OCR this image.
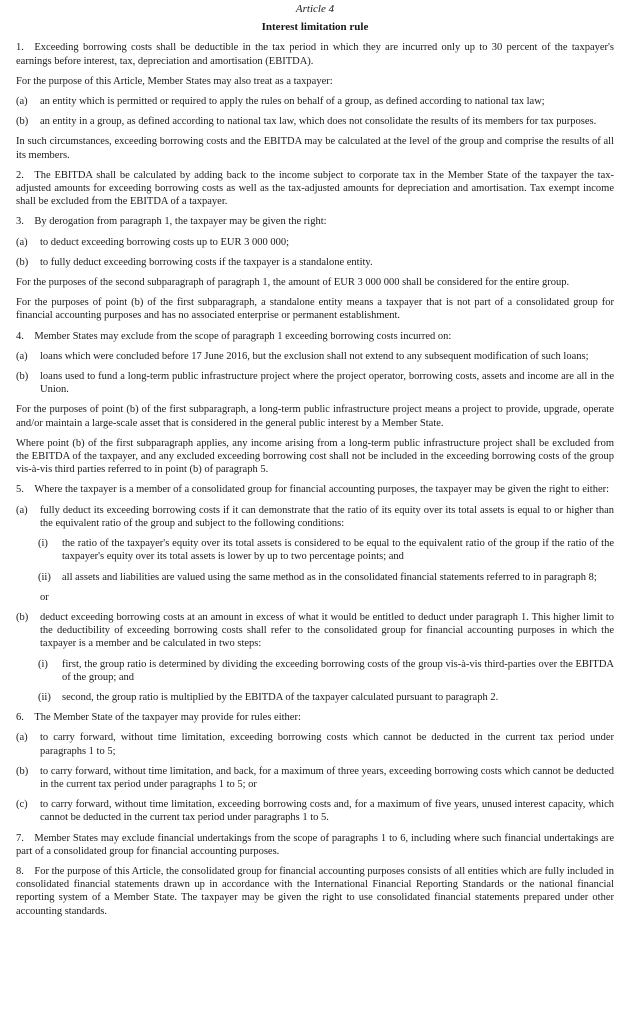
Article 4
Interest limitation rule

1. Exceeding borrowing costs shall be deductible in the tax period in which they are incurred only up to 30 percent of the taxpayer's earnings before interest, tax, depreciation and amortisation (EBITDA).

For the purpose of this Article, Member States may also treat as a taxpayer:

(a)	an entity which is permitted or required to apply the rules on behalf of a group, as defined according to national tax law;
(b)	an entity in a group, as defined according to national tax law, which does not consolidate the results of its members for tax purposes.

In such circumstances, exceeding borrowing costs and the EBITDA may be calculated at the level of the group and comprise the results of all its members.

2. The EBITDA shall be calculated by adding back to the income subject to corporate tax in the Member State of the taxpayer the tax-adjusted amounts for exceeding borrowing costs as well as the tax-adjusted amounts for depreciation and amortisation. Tax exempt income shall be excluded from the EBITDA of a taxpayer.

3. By derogation from paragraph 1, the taxpayer may be given the right:

(a)	to deduct exceeding borrowing costs up to EUR 3 000 000;
(b)	to fully deduct exceeding borrowing costs if the taxpayer is a standalone entity.

For the purposes of the second subparagraph of paragraph 1, the amount of EUR 3 000 000 shall be considered for the entire group.

For the purposes of point (b) of the first subparagraph, a standalone entity means a taxpayer that is not part of a consolidated group for financial accounting purposes and has no associated enterprise or permanent establishment.

4. Member States may exclude from the scope of paragraph 1 exceeding borrowing costs incurred on:

(a)	loans which were concluded before 17 June 2016, but the exclusion shall not extend to any subsequent modification of such loans;
(b)	loans used to fund a long-term public infrastructure project where the project operator, borrowing costs, assets and income are all in the Union.

For the purposes of point (b) of the first subparagraph, a long-term public infrastructure project means a project to provide, upgrade, operate and/or maintain a large-scale asset that is considered in the general public interest by a Member State.

Where point (b) of the first subparagraph applies, any income arising from a long-term public infrastructure project shall be excluded from the EBITDA of the taxpayer, and any excluded exceeding borrowing cost shall not be included in the exceeding borrowing costs of the group vis-à-vis third parties referred to in point (b) of paragraph 5.

5. Where the taxpayer is a member of a consolidated group for financial accounting purposes, the taxpayer may be given the right to either:

(a)	fully deduct its exceeding borrowing costs if it can demonstrate that the ratio of its equity over its total assets is equal to or higher than the equivalent ratio of the group and subject to the following conditions:
(i)	the ratio of the taxpayer's equity over its total assets is considered to be equal to the equivalent ratio of the group if the ratio of the taxpayer's equity over its total assets is lower by up to two percentage points; and
(ii)	all assets and liabilities are valued using the same method as in the consolidated financial statements referred to in paragraph 8;
or
(b)	deduct exceeding borrowing costs at an amount in excess of what it would be entitled to deduct under paragraph 1. This higher limit to the deductibility of exceeding borrowing costs shall refer to the consolidated group for financial accounting purposes in which the taxpayer is a member and be calculated in two steps:
(i)	first, the group ratio is determined by dividing the exceeding borrowing costs of the group vis-à-vis third-parties over the EBITDA of the group; and
(ii)	second, the group ratio is multiplied by the EBITDA of the taxpayer calculated pursuant to paragraph 2.

6. The Member State of the taxpayer may provide for rules either:

(a)	to carry forward, without time limitation, exceeding borrowing costs which cannot be deducted in the current tax period under paragraphs 1 to 5;
(b)	to carry forward, without time limitation, and back, for a maximum of three years, exceeding borrowing costs which cannot be deducted in the current tax period under paragraphs 1 to 5; or
(c)	to carry forward, without time limitation, exceeding borrowing costs and, for a maximum of five years, unused interest capacity, which cannot be deducted in the current tax period under paragraphs 1 to 5.

7. Member States may exclude financial undertakings from the scope of paragraphs 1 to 6, including where such financial undertakings are part of a consolidated group for financial accounting purposes.

8. For the purpose of this Article, the consolidated group for financial accounting purposes consists of all entities which are fully included in consolidated financial statements drawn up in accordance with the International Financial Reporting Standards or the national financial reporting system of a Member State. The taxpayer may be given the right to use consolidated financial statements prepared under other accounting standards.
